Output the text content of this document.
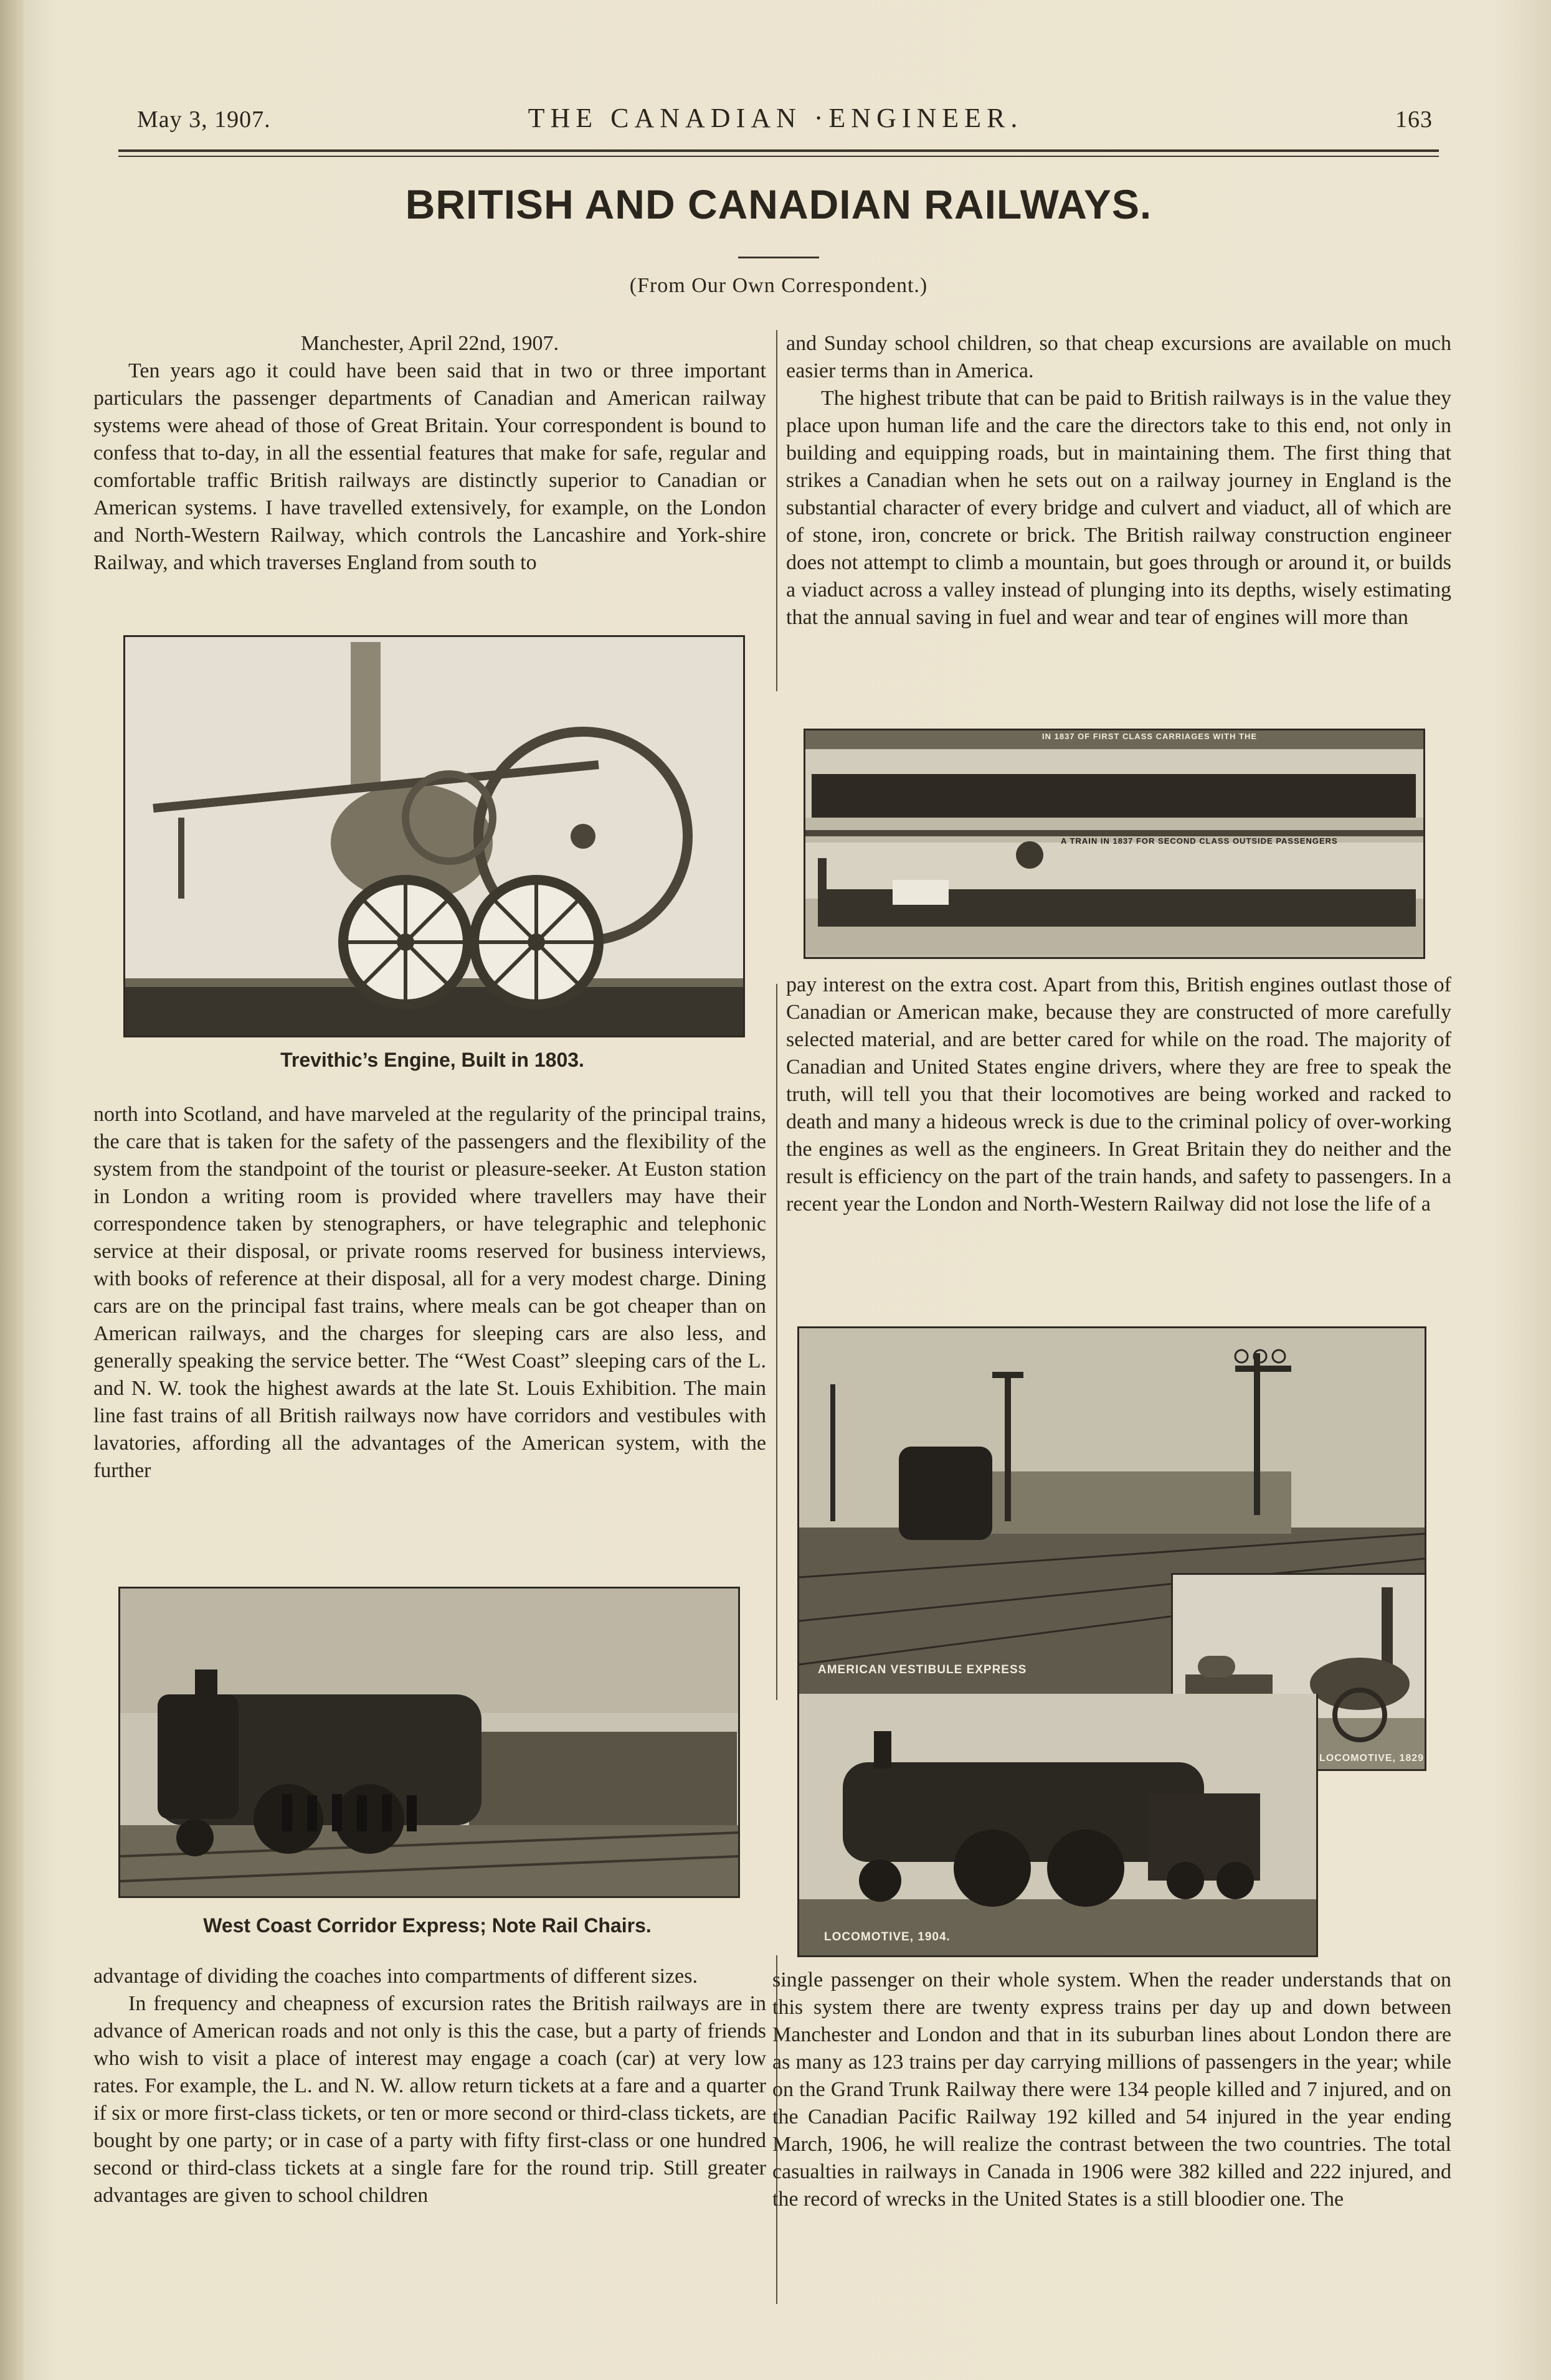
May 3, 1907.	THE CANADIAN ·ENGINEER.	163
BRITISH AND CANADIAN RAILWAYS.
(From Our Own Correspondent.)

Manchester, April 22nd, 1907.

Ten years ago it could have been said that in two or three important particulars the passenger departments of Canadian and American railway systems were ahead of those of Great Britain. Your correspondent is bound to confess that to-day, in all the essential features that make for safe, regular and comfortable traffic British railways are distinctly superior to Canadian or American systems. I have travelled extensively, for example, on the London and North-Western Railway, which controls the Lancashire and York-shire Railway, and which traverses England from south to

Trevithic’s Engine, Built in 1803.

north into Scotland, and have marveled at the regularity of the principal trains, the care that is taken for the safety of the passengers and the flexibility of the system from the standpoint of the tourist or pleasure-seeker. At Euston station in London a writing room is provided where travellers may have their correspondence taken by stenographers, or have telegraphic and telephonic service at their disposal, or private rooms reserved for business interviews, with books of reference at their disposal, all for a very modest charge. Dining cars are on the principal fast trains, where meals can be got cheaper than on American railways, and the charges for sleeping cars are also less, and generally speaking the service better. The “West Coast” sleeping cars of the L. and N. W. took the highest awards at the late St. Louis Exhibition. The main line fast trains of all British railways now have corridors and vestibules with lavatories, affording all the advantages of the American system, with the further

West Coast Corridor Express; Note Rail Chairs.

advantage of dividing the coaches into compartments of different sizes.

In frequency and cheapness of excursion rates the British railways are in advance of American roads and not only is this the case, but a party of friends who wish to visit a place of interest may engage a coach (car) at very low rates. For example, the L. and N. W. allow return tickets at a fare and a quarter if six or more first-class tickets, or ten or more second or third-class tickets, are bought by one party; or in case of a party with fifty first-class or one hundred second or third-class tickets at a single fare for the round trip. Still greater advantages are given to school children

and Sunday school children, so that cheap excursions are available on much easier terms than in America.

The highest tribute that can be paid to British railways is in the value they place upon human life and the care the directors take to this end, not only in building and equipping roads, but in maintaining them. The first thing that strikes a Canadian when he sets out on a railway journey in England is the substantial character of every bridge and culvert and viaduct, all of which are of stone, iron, concrete or brick. The British railway construction engineer does not attempt to climb a mountain, but goes through or around it, or builds a viaduct across a valley instead of plunging into its depths, wisely estimating that the annual saving in fuel and wear and tear of engines will more than

IN 1837 OF FIRST CLASS CARRIAGES WITH THE
A TRAIN IN 1837 FOR SECOND CLASS OUTSIDE PASSENGERS

pay interest on the extra cost. Apart from this, British engines outlast those of Canadian or American make, because they are constructed of more carefully selected material, and are better cared for while on the road. The majority of Canadian and United States engine drivers, where they are free to speak the truth, will tell you that their locomotives are being worked and racked to death and many a hideous wreck is due to the criminal policy of over-working the engines as well as the engineers. In Great Britain they do neither and the result is efficiency on the part of the train hands, and safety to passengers. In a recent year the London and North-Western Railway did not lose the life of a

AMERICAN VESTIBULE EXPRESS
LOCOMOTIVE, 1829
LOCOMOTIVE, 1904.

single passenger on their whole system. When the reader understands that on this system there are twenty express trains per day up and down between Manchester and London and that in its suburban lines about London there are as many as 123 trains per day carrying millions of passengers in the year; while on the Grand Trunk Railway there were 134 people killed and 7 injured, and on the Canadian Pacific Railway 192 killed and 54 injured in the year ending March, 1906, he will realize the contrast between the two countries. The total casualties in railways in Canada in 1906 were 382 killed and 222 injured, and the record of wrecks in the United States is a still bloodier one. The
